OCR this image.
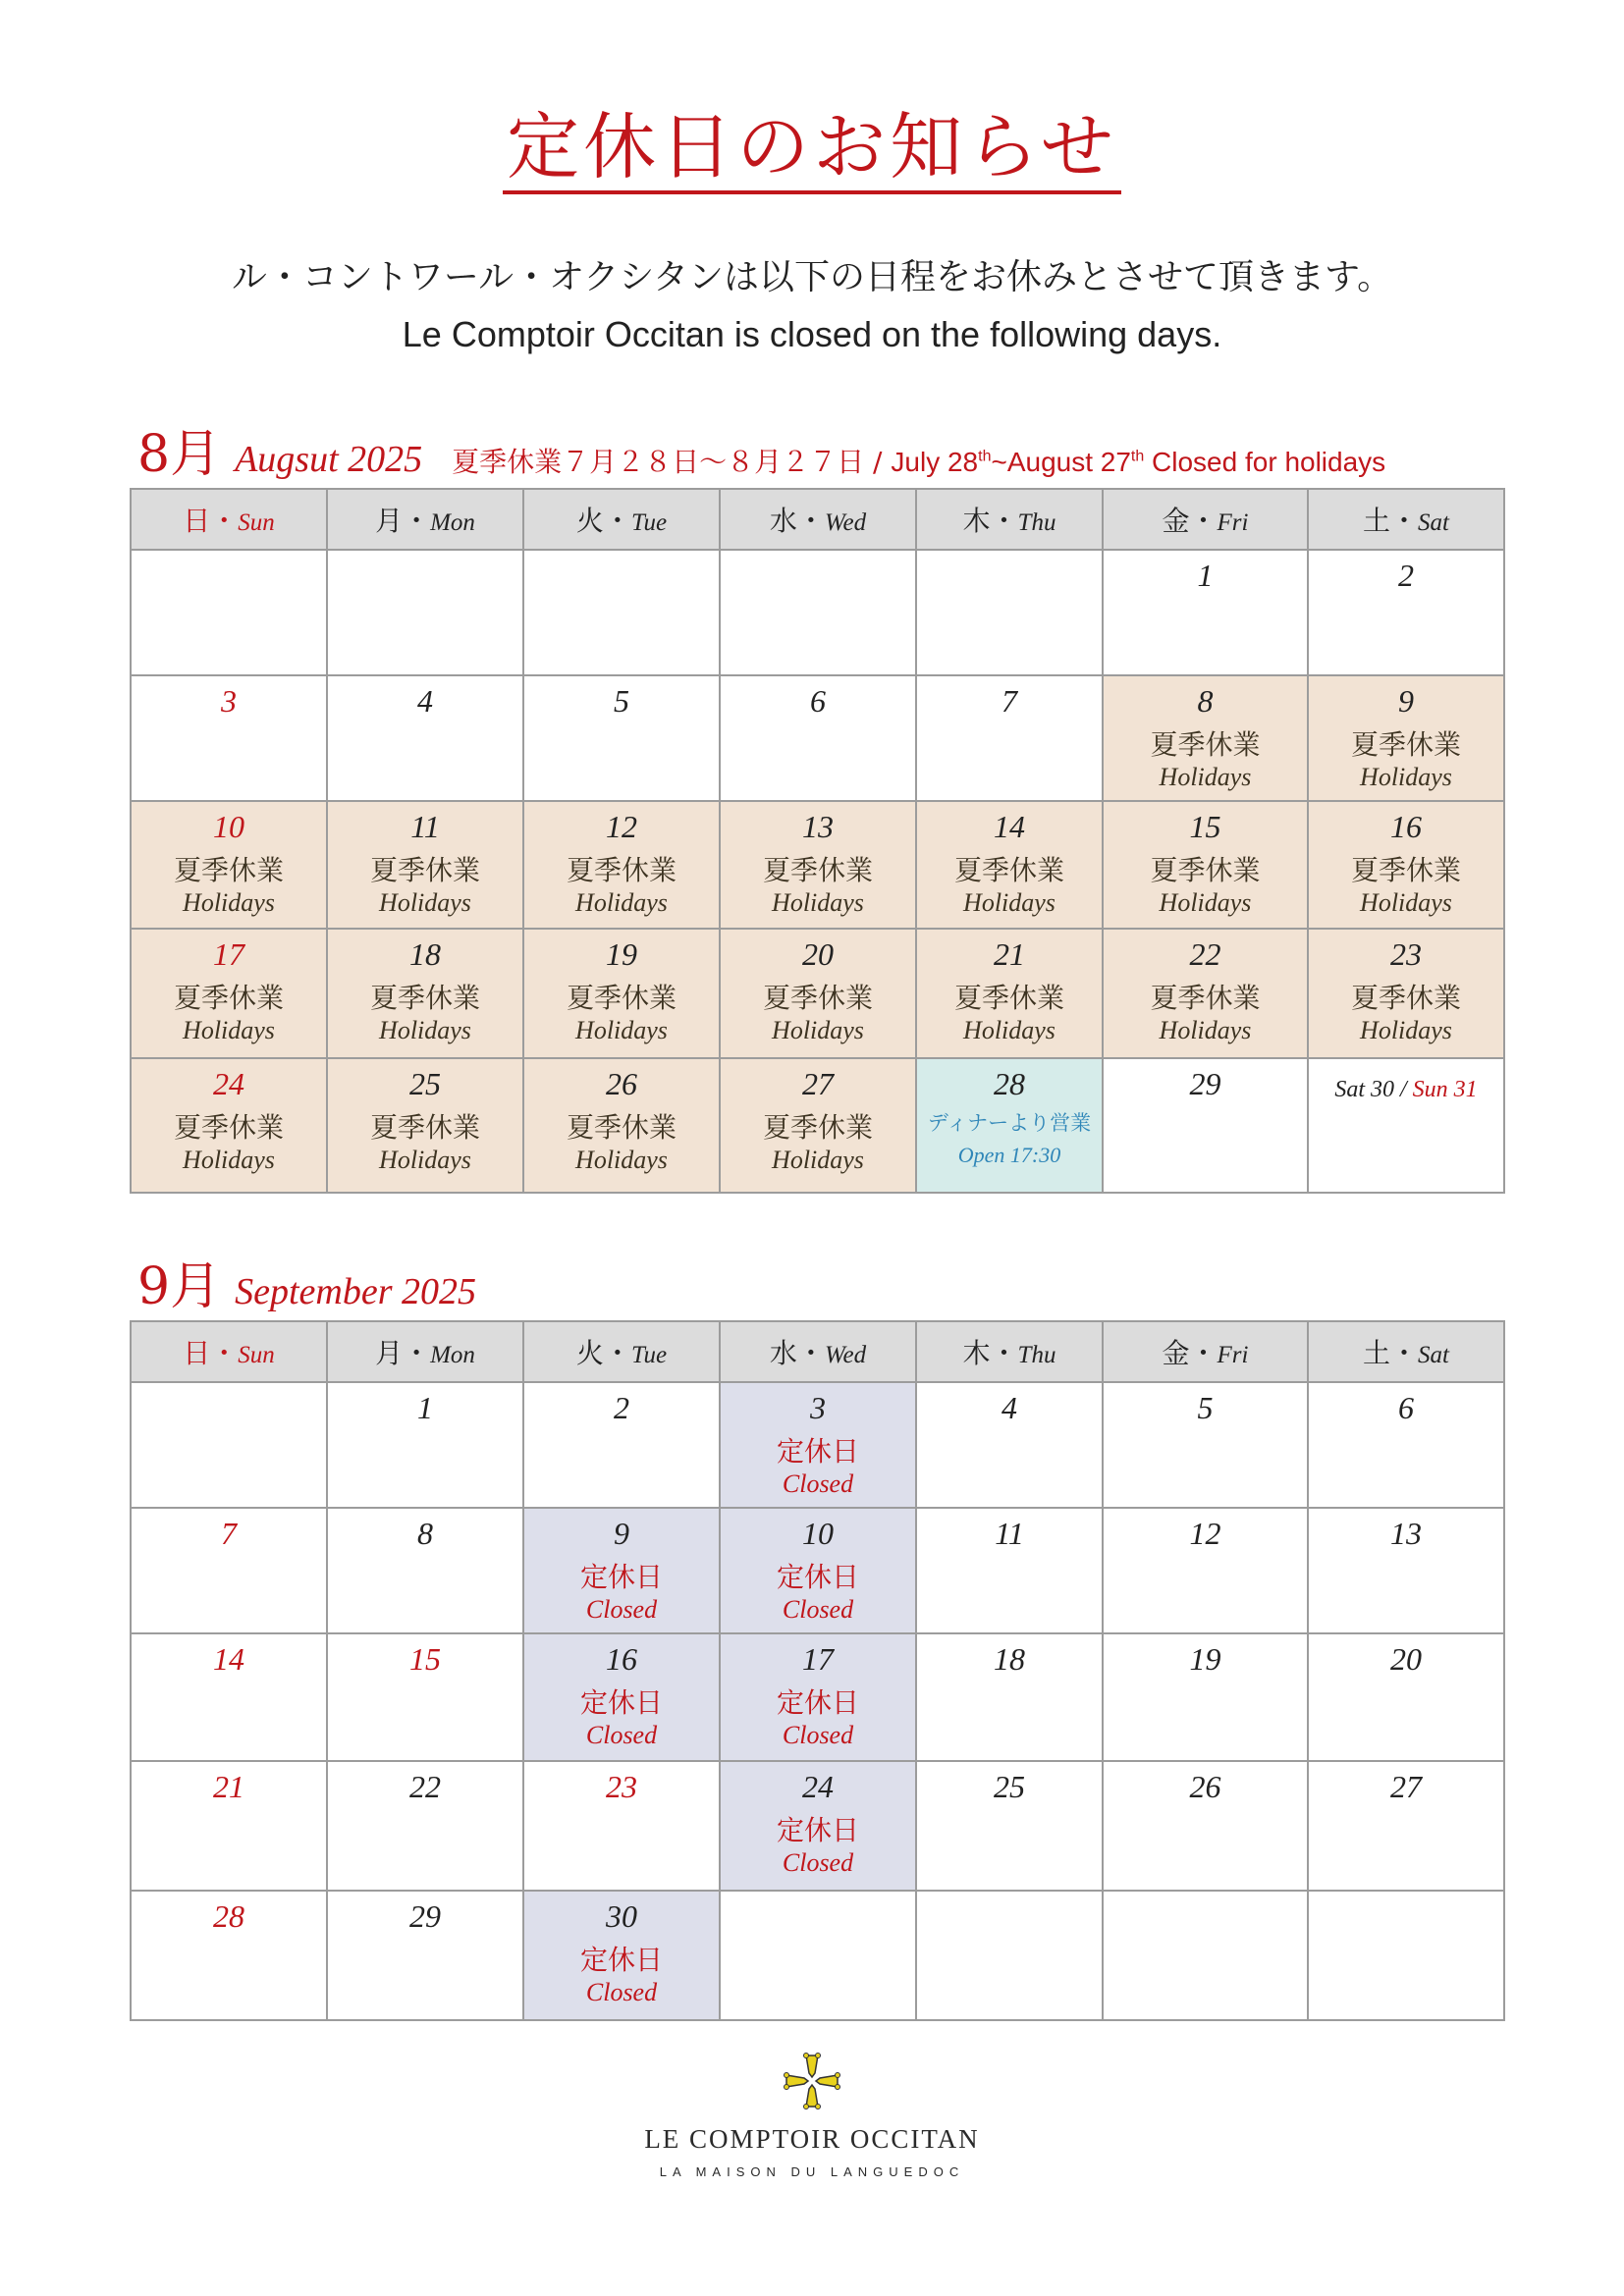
定休日のお知らせ
ル・コントワール・オクシタンは以下の日程をお休みとさせて頂きます。
Le Comptoir Occitan is closed on the following days.
8月 Augsut 2025 夏季休業７月２８日～８月２７日 / July 28th~August 27th Closed for holidays
日・Sun	月・Mon	火・Tue	水・Wed	木・Thu	金・Fri	土・Sat

					1	2

3	4	5	6	7	8
夏季休業
Holidays	9
夏季休業
Holidays

10
夏季休業
Holidays	11
夏季休業
Holidays	12
夏季休業
Holidays	13
夏季休業
Holidays	14
夏季休業
Holidays	15
夏季休業
Holidays	16
夏季休業
Holidays

17
夏季休業
Holidays	18
夏季休業
Holidays	19
夏季休業
Holidays	20
夏季休業
Holidays	21
夏季休業
Holidays	22
夏季休業
Holidays	23
夏季休業
Holidays

24
夏季休業
Holidays	25
夏季休業
Holidays	26
夏季休業
Holidays	27
夏季休業
Holidays	28
ディナーより営業
Open 17:30	29	Sat 30 / Sun 31
9月 September 2025
日・Sun	月・Mon	火・Tue	水・Wed	木・Thu	金・Fri	土・Sat

	1	2	3
定休日
Closed	4	5	6

7	8	9
定休日
Closed	10
定休日
Closed	11	12	13

14	15	16
定休日
Closed	17
定休日
Closed	18	19	20

21	22	23	24
定休日
Closed	25	26	27

28	29	30
定休日
Closed				

LE COMPTOIR OCCITAN
LA MAISON DU LANGUEDOC
